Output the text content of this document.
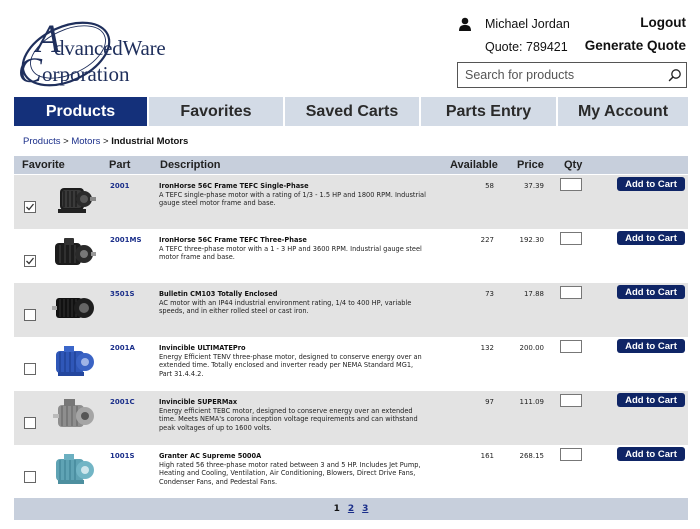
A
C
dvancedWare
orporation
Michael Jordan	Logout
Quote: 789421 Generate Quote
Search for products
Products	Favorites	Saved Carts	Parts Entry	My Account
Products > Motors > Industrial Motors
Favorite	Part	Description	Available Price Qty
2001	IronHorse 56C Frame TEFC Single-Phase
A TEFC single-phase motor with a rating of 1/3 - 1.5 HP and 1800 RPM. Industrial gauge steel motor frame and base.
58	37.39	Add to Cart
2001MS	IronHorse 56C Frame TEFC Three-Phase
A TEFC three-phase motor with a 1 - 3 HP and 3600 RPM. Industrial gauge steel motor frame and base.
227	192.30	Add to Cart
3501S	Bulletin CM103 Totally Enclosed
AC motor with an IP44 industrial environment rating, 1/4 to 400 HP, variable speeds, and in either rolled steel or cast iron.
73	17.88	Add to Cart
2001A	Invincible ULTIMATEPro
Energy Efficient TENV three-phase motor, designed to conserve energy over an extended time. Totally enclosed and inverter ready per NEMA Standard MG1, Part 31.4.4.2.
132	200.00	Add to Cart
2001C	Invincible SUPERMax
Energy efficient TEBC motor, designed to conserve energy over an extended time. Meets NEMA's corona inception voltage requirements and can withstand peak voltages of up to 1600 volts.
97	111.09	Add to Cart
1001S	Granter AC Supreme 5000A
High rated 56 three-phase motor rated between 3 and 5 HP. Includes Jet Pump, Heating and Cooling, Ventilation, Air Conditioning, Blowers, Direct Drive Fans, Condenser Fans, and Pedestal Fans.
161	268.15	Add to Cart
1 2 3
